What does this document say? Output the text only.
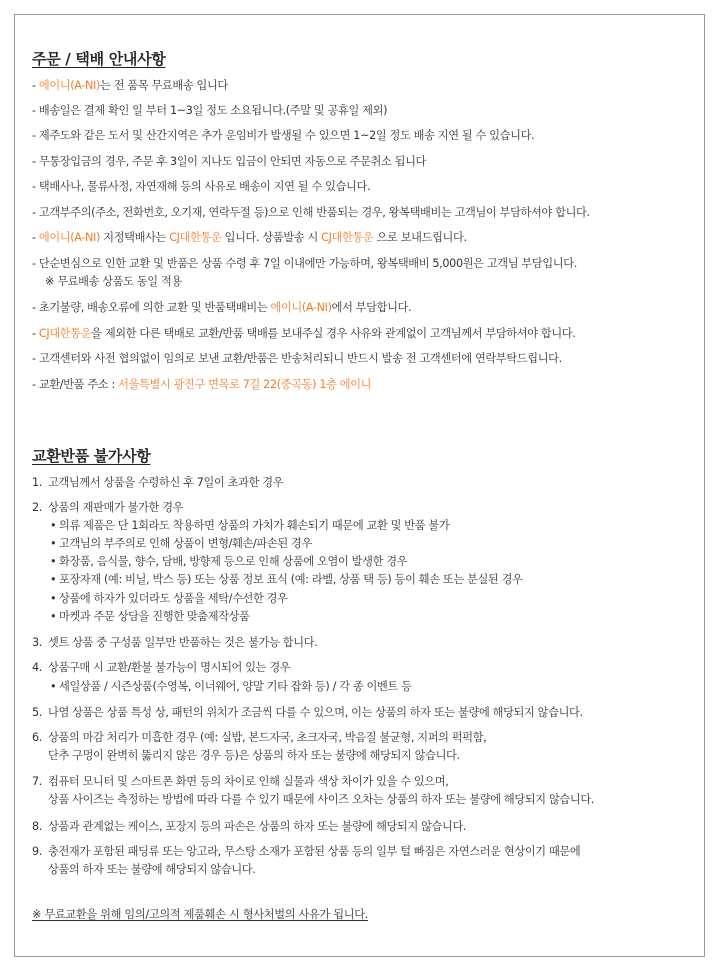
주문 / 택배 안내사항
- 에이니(A-NI)는 전 품목 무료배송 입니다
- 배송일은 결제 확인 일 부터 1~3일 정도 소요됩니다.(주말 및 공휴일 제외)
- 제주도와 같은 도서 및 산간지역은 추가 운임비가 발생될 수 있으면 1~2일 정도 배송 지연 될 수 있습니다.
- 무통장입금의 경우, 주문 후 3일이 지나도 입금이 안되면 자동으로 주문취소 됩니다
- 택배사나, 물류사정, 자연재해 등의 사유로 배송이 지연 될 수 있습니다.
- 고객부주의(주소, 전화번호, 오기재, 연락두절 등)으로 인해 반품되는 경우, 왕복택배비는 고객님이 부담하셔야 합니다.
- 에이니(A-NI) 지정택배사는 CJ대한통운 입니다. 상품발송 시 CJ대한통운 으로 보내드립니다.
- 단순변심으로 인한 교환 및 반품은 상품 수령 후 7일 이내에만 가능하며, 왕복택배비 5,000원은 고객님 부담입니다.
※ 무료배송 상품도 동일 적용
- 초기불량, 배송오류에 의한 교환 및 반품택배비는 에이니(A-NI)에서 부담합니다.
- CJ대한통운을 제외한 다른 택배로 교환/반품 택배를 보내주실 경우 사유와 관계없이 고객님께서 부담하셔야 합니다.
- 고객센터와 사전 협의없이 임의로 보낸 교환/반품은 반송처리되니 반드시 발송 전 고객센터에 연락부탁드립니다.
- 교환/반품 주소 : 서울특별시 광진구 면목로 7길 22(중곡동) 1층 에이니
교환반품 불가사항
1. 고객님께서 상품을 수령하신 후 7일이 초과한 경우
2. 상품의 재판매가 불가한 경우
• 의류 제품은 단 1회라도 착용하면 상품의 가치가 훼손되기 때문에 교환 및 반품 불가
• 고객님의 부주의로 인해 상품이 변형/훼손/파손된 경우
• 화장품, 음식물, 향수, 담배, 방향제 등으로 인해 상품에 오염이 발생한 경우
• 포장자재 (예: 비닐, 박스 등) 또는 상품 정보 표식 (예: 라벨, 상품 택 등) 등이 훼손 또는 분실된 경우
• 상품에 하자가 있더라도 상품을 세탁/수선한 경우
• 마켓과 주문 상담을 진행한 맞춤제작상품
3. 셋트 상품 중 구성품 일부만 반품하는 것은 불가능 합니다.
4. 상품구매 시 교환/환불 불가능이 명시되어 있는 경우
• 세일상품 / 시즌상품(수영복, 이너웨어, 양말 기타 잡화 등) / 각 종 이벤트 등
5. 나염 상품은 상품 특성 상, 패턴의 위치가 조금씩 다를 수 있으며, 이는 상품의 하자 또는 불량에 해당되지 않습니다.
6. 상품의 마감 처리가 미흡한 경우 (예: 실밥, 본드자국, 초크자국, 박음질 불균형, 지퍼의 퍽퍽함,
단추 구멍이 완벽히 뚫리지 않은 경우 등)은 상품의 하자 또는 불량에 해당되지 않습니다.
7. 컴퓨터 모니터 및 스마트폰 화면 등의 차이로 인해 실물과 색상 차이가 있을 수 있으며,
상품 사이즈는 측정하는 방법에 따라 다를 수 있기 때문에 사이즈 오차는 상품의 하자 또는 불량에 해당되지 않습니다.
8. 상품과 관계없는 케이스, 포장지 등의 파손은 상품의 하자 또는 불량에 해당되지 않습니다.
9. 충전재가 포함된 패딩류 또는 앙고라, 무스탕 소재가 포함된 상품 등의 일부 털 빠짐은 자연스러운 현상이기 때문에
상품의 하자 또는 불량에 해당되지 않습니다.
※ 무료교환을 위해 임의/고의적 제품훼손 시 형사처벌의 사유가 됩니다.
